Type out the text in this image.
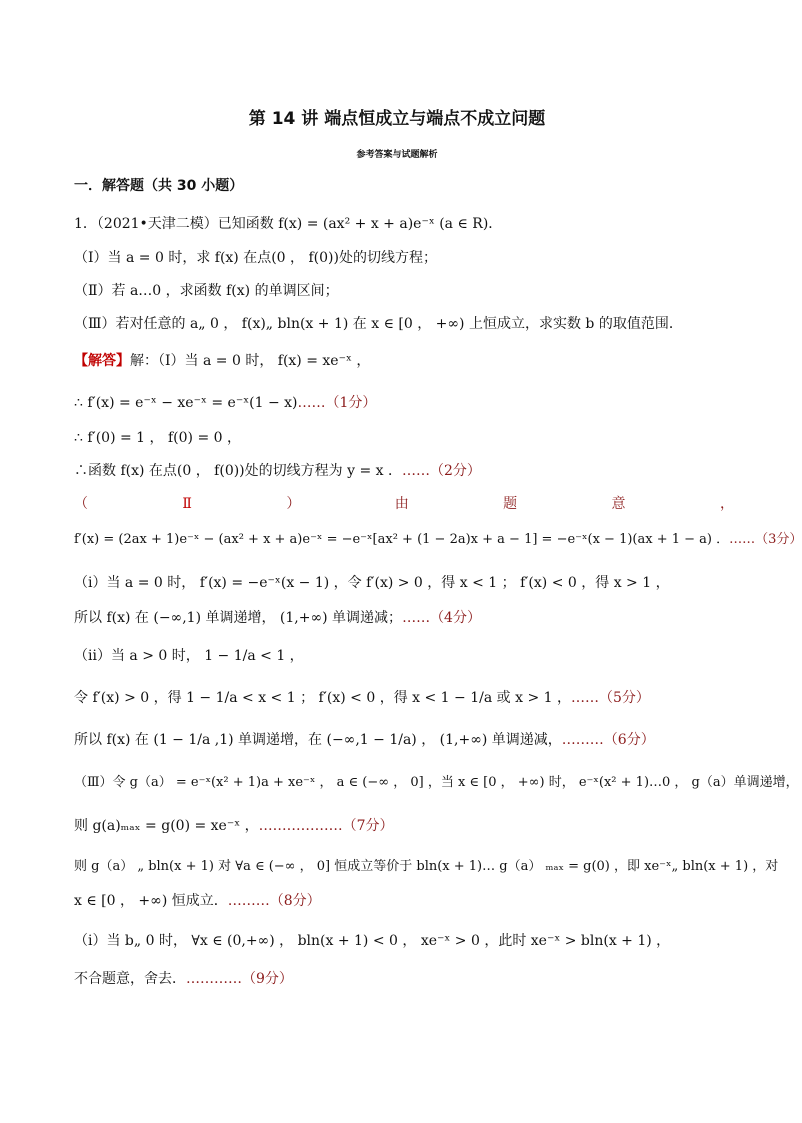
第 14 讲 端点恒成立与端点不成立问题
参考答案与试题解析
一．解答题（共 30 小题）
1．（2021•天津二模）已知函数 f(x) = (ax² + x + a)e⁻ˣ (a ∈ R)．
（Ⅰ）当 a = 0 时，求 f(x) 在点(0 ， f(0))处的切线方程；
（Ⅱ）若 a…0 ，求函数 f(x) 的单调区间；
（Ⅲ）若对任意的 a„ 0 ， f(x)„ bln(x + 1) 在 x ∈ [0 ， +∞) 上恒成立，求实数 b 的取值范围．
【解答】解：（Ⅰ）当 a = 0 时， f(x) = xe⁻ˣ ，
∴ f′(x) = e⁻ˣ − xe⁻ˣ = e⁻ˣ(1 − x)……（1分）
∴ f′(0) = 1 ， f(0) = 0 ，
∴函数 f(x) 在点(0 ， f(0))处的切线方程为 y = x ．……（2分）
（	Ⅱ	）	由	题	意	，
f′(x) = (2ax + 1)e⁻ˣ − (ax² + x + a)e⁻ˣ = −e⁻ˣ[ax² + (1 − 2a)x + a − 1] = −e⁻ˣ(x − 1)(ax + 1 − a) ．……（3分）
（ⅰ）当 a = 0 时， f′(x) = −e⁻ˣ(x − 1) ，令 f′(x) > 0 ，得 x < 1 ； f′(x) < 0 ，得 x > 1 ，
所以 f(x) 在 (−∞,1) 单调递增， (1,+∞) 单调递减；……（4分）
（ⅱ）当 a > 0 时， 1 − 1/a < 1 ，
令 f′(x) > 0 ，得 1 − 1/a < x < 1 ； f′(x) < 0 ，得 x < 1 − 1/a 或 x > 1 ，……（5分）
所以 f(x) 在 (1 − 1/a ,1) 单调递增，在 (−∞,1 − 1/a) ， (1,+∞) 单调递减，………（6分）
（Ⅲ）令 g（a） = e⁻ˣ(x² + 1)a + xe⁻ˣ ， a ∈ (−∞ ， 0] ，当 x ∈ [0 ， +∞) 时， e⁻ˣ(x² + 1)…0 ， g（a）单调递增，
则 g(a)ₘₐₓ = g(0) = xe⁻ˣ ，………………（7分）
则 g（a） „ bln(x + 1) 对 ∀a ∈ (−∞ ， 0] 恒成立等价于 bln(x + 1)… g（a） ₘₐₓ = g(0) ，即 xe⁻ˣ„ bln(x + 1) ，对
x ∈ [0 ， +∞) 恒成立．………（8分）
（ⅰ）当 b„ 0 时， ∀x ∈ (0,+∞) ， bln(x + 1) < 0 ， xe⁻ˣ > 0 ，此时 xe⁻ˣ > bln(x + 1) ，
不合题意，舍去．…………（9分）
